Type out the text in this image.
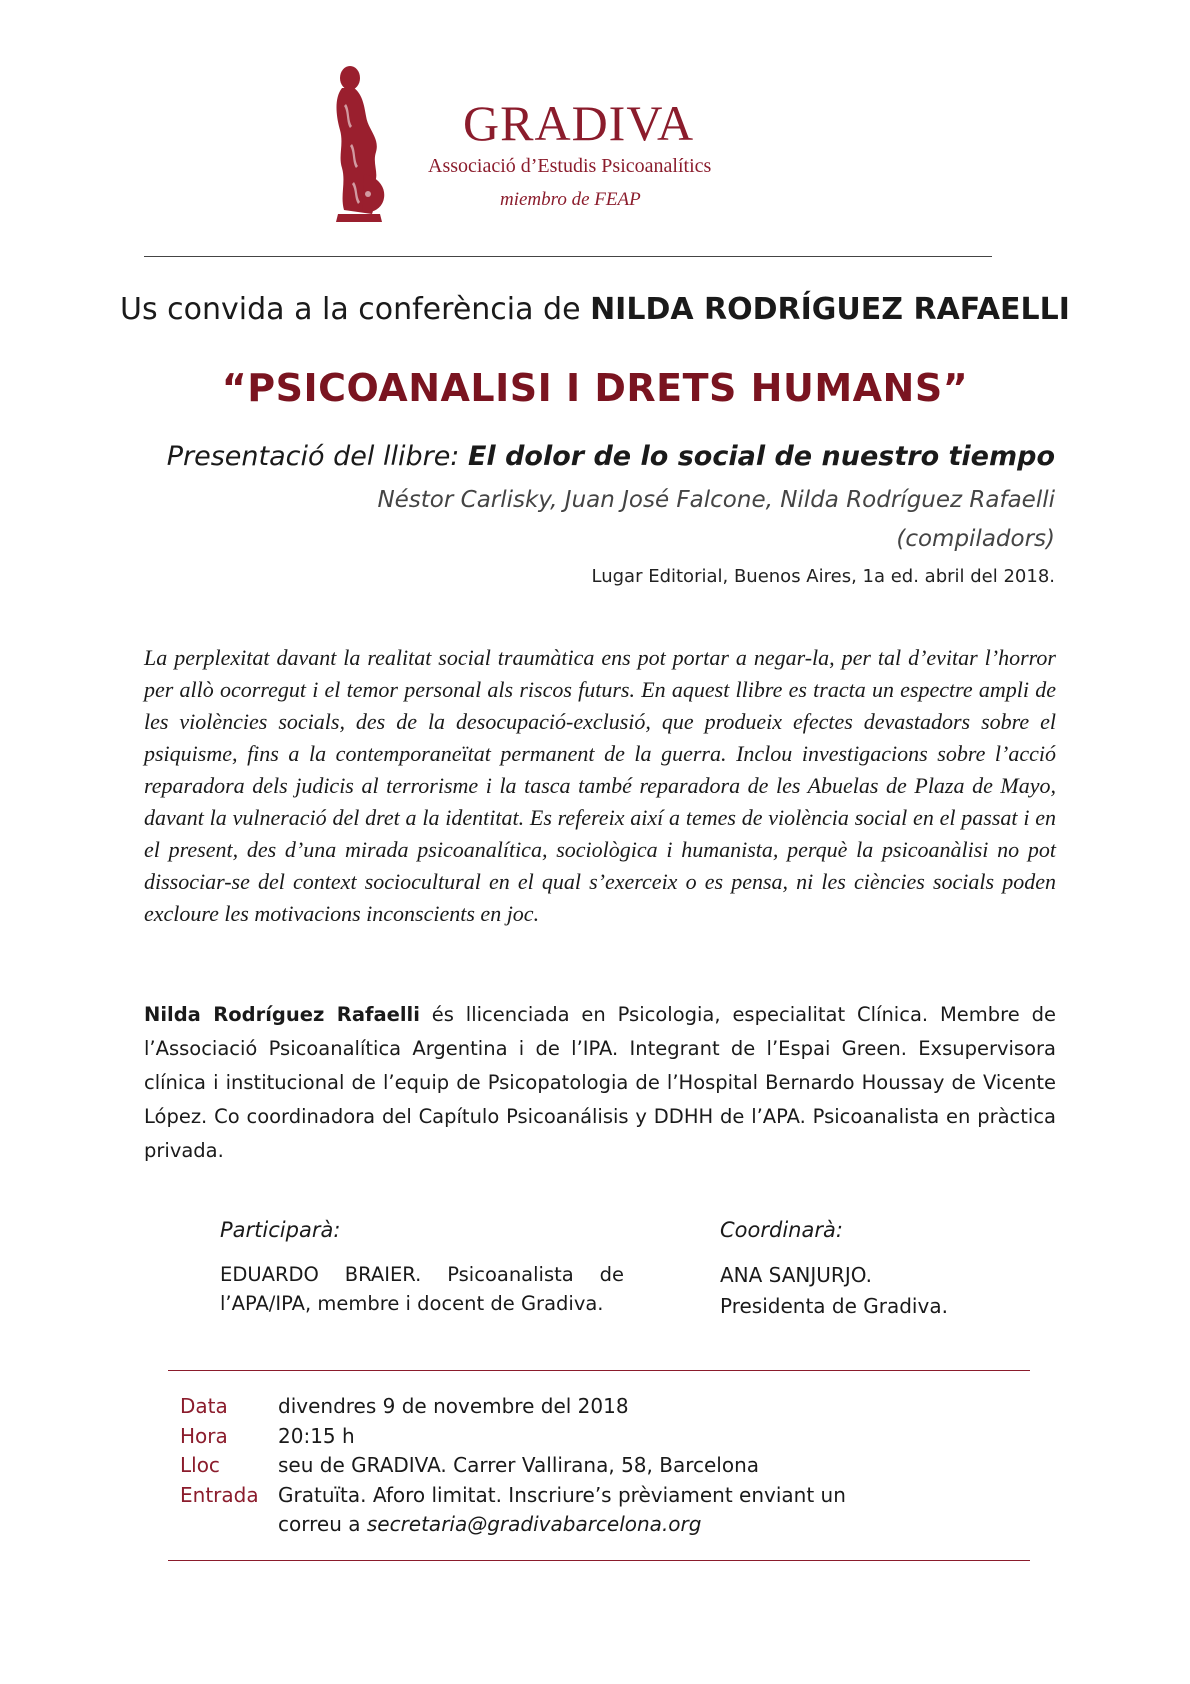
GRADIVA
Associació d’Estudis Psicoanalítics
miembro de FEAP
Us convida a la conferència de NILDA RODRÍGUEZ RAFAELLI
“PSICOANALISI I DRETS HUMANS”
Presentació del llibre: El dolor de lo social de nuestro tiempo
Néstor Carlisky, Juan José Falcone, Nilda Rodríguez Rafaelli
(compiladors)
Lugar Editorial, Buenos Aires, 1a ed. abril del 2018.
La perplexitat davant la realitat social traumàtica ens pot portar a negar-la, per tal d’evitar l’horror per allò ocorregut i el temor personal als riscos futurs. En aquest llibre es tracta un espectre ampli de les violències socials, des de la desocupació-exclusió, que produeix efectes devastadors sobre el psiquisme, fins a la contemporaneïtat permanent de la guerra. Inclou investigacions sobre l’acció reparadora dels judicis al terrorisme i la tasca també reparadora de les Abuelas de Plaza de Mayo, davant la vulneració del dret a la identitat. Es refereix així a temes de violència social en el passat i en el present, des d’una mirada psicoanalítica, sociològica i humanista, perquè la psicoanàlisi no pot dissociar-se del context sociocultural en el qual s’exerceix o es pensa, ni les ciències socials poden excloure les motivacions inconscients en joc.
Nilda Rodríguez Rafaelli és llicenciada en Psicologia, especialitat Clínica. Membre de l’Associació Psicoanalítica Argentina i de l’IPA. Integrant de l’Espai Green. Exsupervisora clínica i institucional de l’equip de Psicopatologia de l’Hospital Bernardo Houssay de Vicente López. Co coordinadora del Capítulo Psicoanálisis y DDHH de l’APA. Psicoanalista en pràctica privada.
Participarà:
EDUARDO BRAIER. Psicoanalista de l’APA/IPA, membre i docent de Gradiva.
Coordinarà:
ANA SANJURJO.
Presidenta de Gradiva.
Data	divendres 9 de novembre del 2018
Hora	20:15 h
Lloc	seu de GRADIVA. Carrer Vallirana, 58, Barcelona
Entrada Gratuïta. Aforo limitat. Inscriure’s prèviament enviant un correu a secretaria@gradivabarcelona.org
